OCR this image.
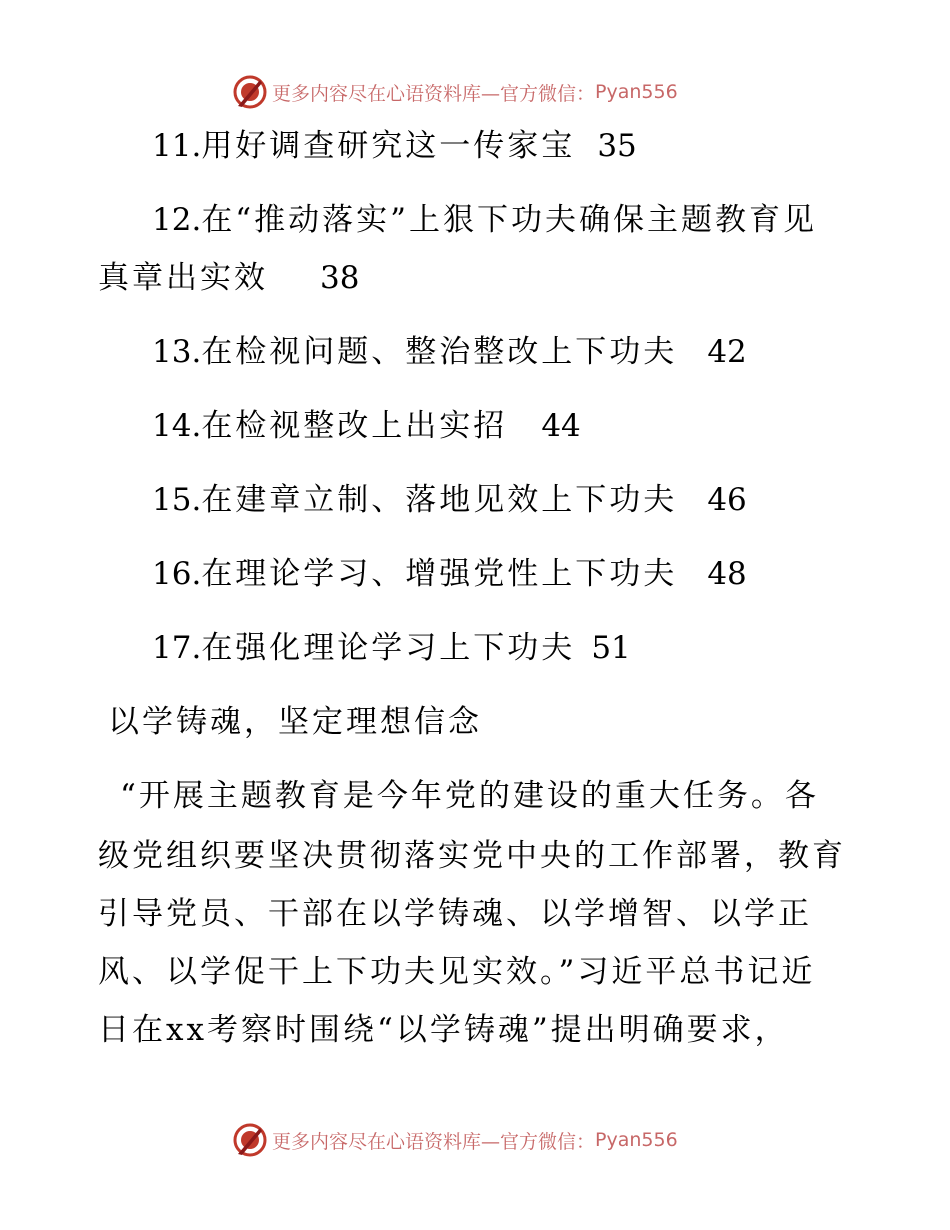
更多内容尽在心语资料库—官方微信： Pyan556
11.用好调查研究这一传家宝 35
12.在“推动落实”上狠下功夫确保主题教育见
真章出实效 38
13.在检视问题、整治整改上下功夫 42
14.在检视整改上出实招 44
15.在建章立制、落地见效上下功夫 46
16.在理论学习、增强党性上下功夫 48
17.在强化理论学习上下功夫 51
以学铸魂，坚定理想信念
“开展主题教育是今年党的建设的重大任务。各
级党组织要坚决贯彻落实党中央的工作部署，教育
引导党员、干部在以学铸魂、以学增智、以学正
风、以学促干上下功夫见实效。”习近平总书记近
日在xx考察时围绕“以学铸魂”提出明确要求，
更多内容尽在心语资料库—官方微信： Pyan556
